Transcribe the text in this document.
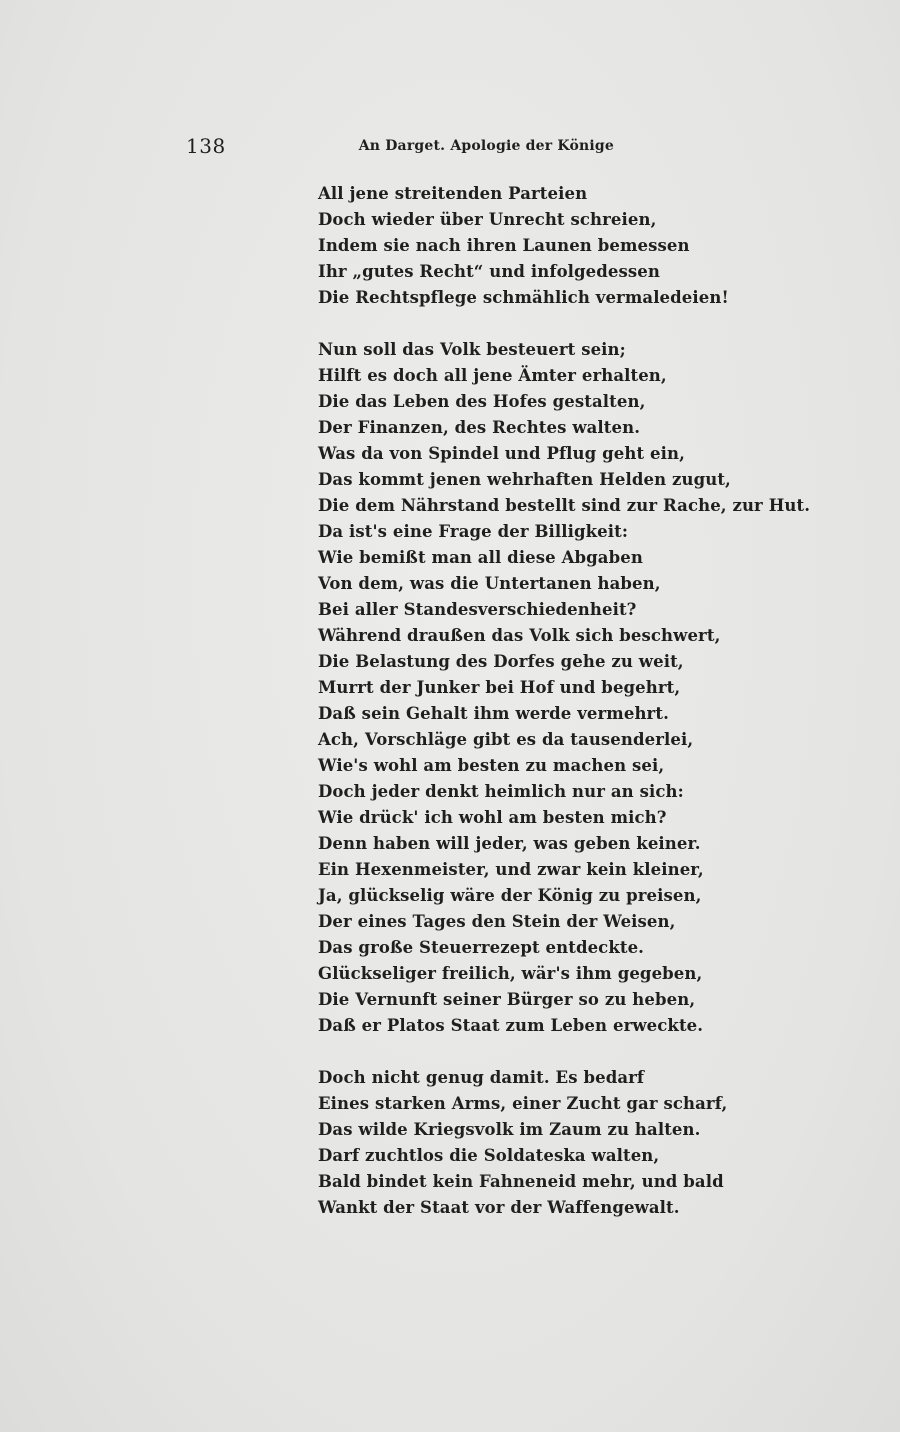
138	An Darget. Apologie der Könige
All jene streitenden Parteien
Doch wieder über Unrecht schreien,
Indem sie nach ihren Launen bemessen
Ihr „gutes Recht“ und infolgedessen
Die Rechtspflege schmählich vermaledeien!
Nun soll das Volk besteuert sein;
Hilft es doch all jene Ämter erhalten,
Die das Leben des Hofes gestalten,
Der Finanzen, des Rechtes walten.
Was da von Spindel und Pflug geht ein,
Das kommt jenen wehrhaften Helden zugut,
Die dem Nährstand bestellt sind zur Rache, zur Hut.
Da ist's eine Frage der Billigkeit:
Wie bemißt man all diese Abgaben
Von dem, was die Untertanen haben,
Bei aller Standesverschiedenheit?
Während draußen das Volk sich beschwert,
Die Belastung des Dorfes gehe zu weit,
Murrt der Junker bei Hof und begehrt,
Daß sein Gehalt ihm werde vermehrt.
Ach, Vorschläge gibt es da tausenderlei,
Wie's wohl am besten zu machen sei,
Doch jeder denkt heimlich nur an sich:
Wie drück' ich wohl am besten mich?
Denn haben will jeder, was geben keiner.
Ein Hexenmeister, und zwar kein kleiner,
Ja, glückselig wäre der König zu preisen,
Der eines Tages den Stein der Weisen,
Das große Steuerrezept entdeckte.
Glückseliger freilich, wär's ihm gegeben,
Die Vernunft seiner Bürger so zu heben,
Daß er Platos Staat zum Leben erweckte.
Doch nicht genug damit. Es bedarf
Eines starken Arms, einer Zucht gar scharf,
Das wilde Kriegsvolk im Zaum zu halten.
Darf zuchtlos die Soldateska walten,
Bald bindet kein Fahneneid mehr, und bald
Wankt der Staat vor der Waffengewalt.
